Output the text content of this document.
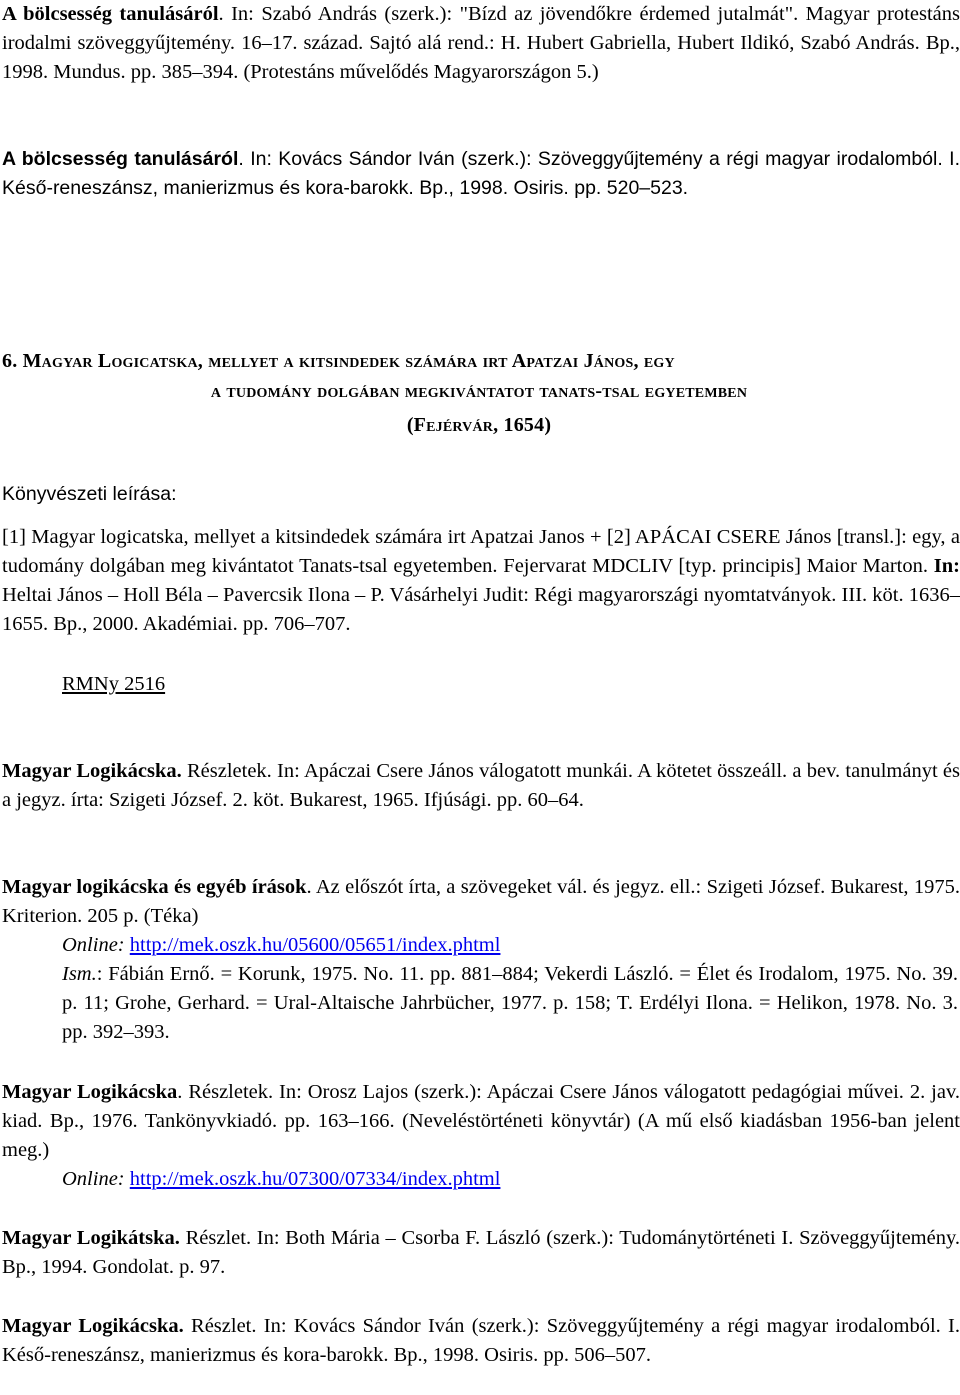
A bölcsesség tanulásáról. In: Szabó András (szerk.): "Bízd az jövendőkre érdemed jutalmát". Magyar protestáns irodalmi szöveggyűjtemény. 16–17. század. Sajtó alá rend.: H. Hubert Gabriella, Hubert Ildikó, Szabó András. Bp., 1998. Mundus. pp. 385–394. (Protestáns művelődés Magyarországon 5.)

A bölcsesség tanulásáról. In: Kovács Sándor Iván (szerk.): Szöveggyűjtemény a régi magyar irodalomból. I. Késő-reneszánsz, manierizmus és kora-barokk. Bp., 1998. Osiris. pp. 520–523.

6. Magyar Logicatska, mellyet a kitsindedek számára irt Apatzai János, egy

a tudomány dolgában megkivántatot tanats-tsal egyetemben

(Fejérvár, 1654)

Könyvészeti leírása:

[1] Magyar logicatska, mellyet a kitsindedek számára irt Apatzai Janos + [2] APÁCAI CSERE János [transl.]: egy, a tudomány dolgában meg kivántatot Tanats-tsal egyetemben. Fejervarat MDCLIV [typ. principis] Maior Marton. In: Heltai János – Holl Béla – Pavercsik Ilona – P. Vásárhelyi Judit: Régi magyarországi nyomtatványok. III. köt. 1636–1655. Bp., 2000. Akadémiai. pp. 706–707.

RMNy 2516

Magyar Logikácska. Részletek. In: Apáczai Csere János válogatott munkái. A kötetet összeáll. a bev. tanulmányt és a jegyz. írta: Szigeti József. 2. köt. Bukarest, 1965. Ifjúsági. pp. 60–64.

Magyar logikácska és egyéb írások. Az előszót írta, a szövegeket vál. és jegyz. ell.: Szigeti József. Bukarest, 1975. Kriterion. 205 p. (Téka)

Online: http://mek.oszk.hu/05600/05651/index.phtml

Ism.: Fábián Ernő. = Korunk, 1975. No. 11. pp. 881–884; Vekerdi László. = Élet és Irodalom, 1975. No. 39. p. 11; Grohe, Gerhard. = Ural-Altaische Jahrbücher, 1977. p. 158; T. Erdélyi Ilona. = Helikon, 1978. No. 3. pp. 392–393.

Magyar Logikácska. Részletek. In: Orosz Lajos (szerk.): Apáczai Csere János válogatott pedagógiai művei. 2. jav. kiad. Bp., 1976. Tankönyvkiadó. pp. 163–166. (Neveléstörténeti könyvtár) (A mű első kiadásban 1956-ban jelent meg.)

Online: http://mek.oszk.hu/07300/07334/index.phtml

Magyar Logikátska. Részlet. In: Both Mária – Csorba F. László (szerk.): Tudománytörténeti I. Szöveggyűjtemény. Bp., 1994. Gondolat. p. 97.

Magyar Logikácska. Részlet. In: Kovács Sándor Iván (szerk.): Szöveggyűjtemény a régi magyar irodalomból. I. Késő-reneszánsz, manierizmus és kora-barokk. Bp., 1998. Osiris. pp. 506–507.
